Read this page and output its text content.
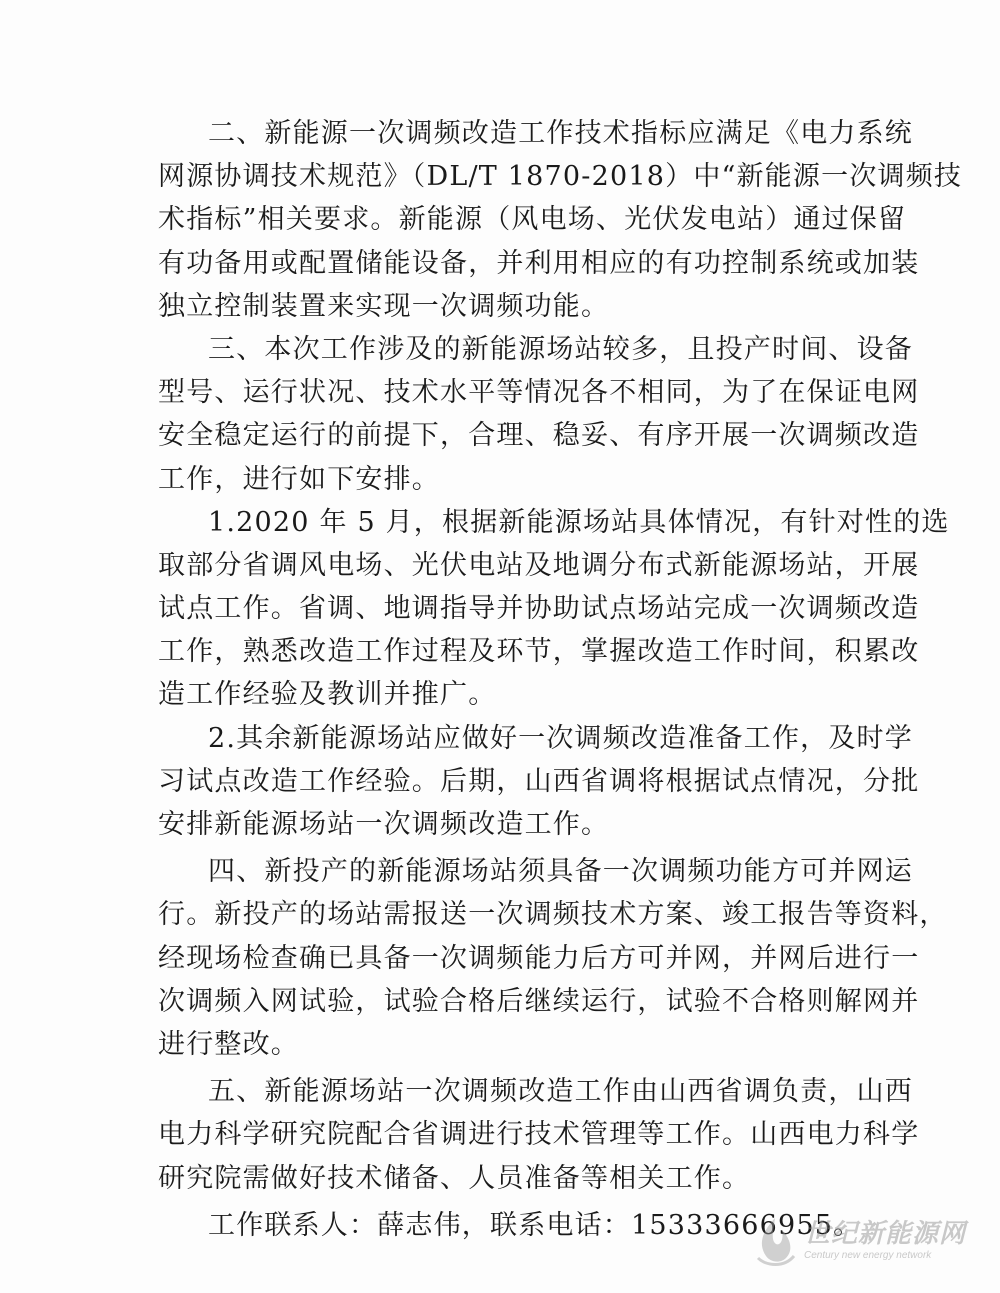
二、新能源一次调频改造工作技术指标应满足《电力系统
网源协调技术规范》（DL/T 1870-2018）中“新能源一次调频技
术指标”相关要求。新能源（风电场、光伏发电站）通过保留
有功备用或配置储能设备，并利用相应的有功控制系统或加装
独立控制装置来实现一次调频功能。
三、本次工作涉及的新能源场站较多，且投产时间、设备
型号、运行状况、技术水平等情况各不相同，为了在保证电网
安全稳定运行的前提下，合理、稳妥、有序开展一次调频改造
工作，进行如下安排。
1.2020 年 5 月，根据新能源场站具体情况，有针对性的选
取部分省调风电场、光伏电站及地调分布式新能源场站，开展
试点工作。省调、地调指导并协助试点场站完成一次调频改造
工作，熟悉改造工作过程及环节，掌握改造工作时间，积累改
造工作经验及教训并推广。
2.其余新能源场站应做好一次调频改造准备工作，及时学
习试点改造工作经验。后期，山西省调将根据试点情况，分批
安排新能源场站一次调频改造工作。
四、新投产的新能源场站须具备一次调频功能方可并网运
行。新投产的场站需报送一次调频技术方案、竣工报告等资料，
经现场检查确已具备一次调频能力后方可并网，并网后进行一
次调频入网试验，试验合格后继续运行，试验不合格则解网并
进行整改。
五、新能源场站一次调频改造工作由山西省调负责，山西
电力科学研究院配合省调进行技术管理等工作。山西电力科学
研究院需做好技术储备、人员准备等相关工作。
工作联系人：薛志伟，联系电话：15333666955。
世纪新能源网
Century new energy network
